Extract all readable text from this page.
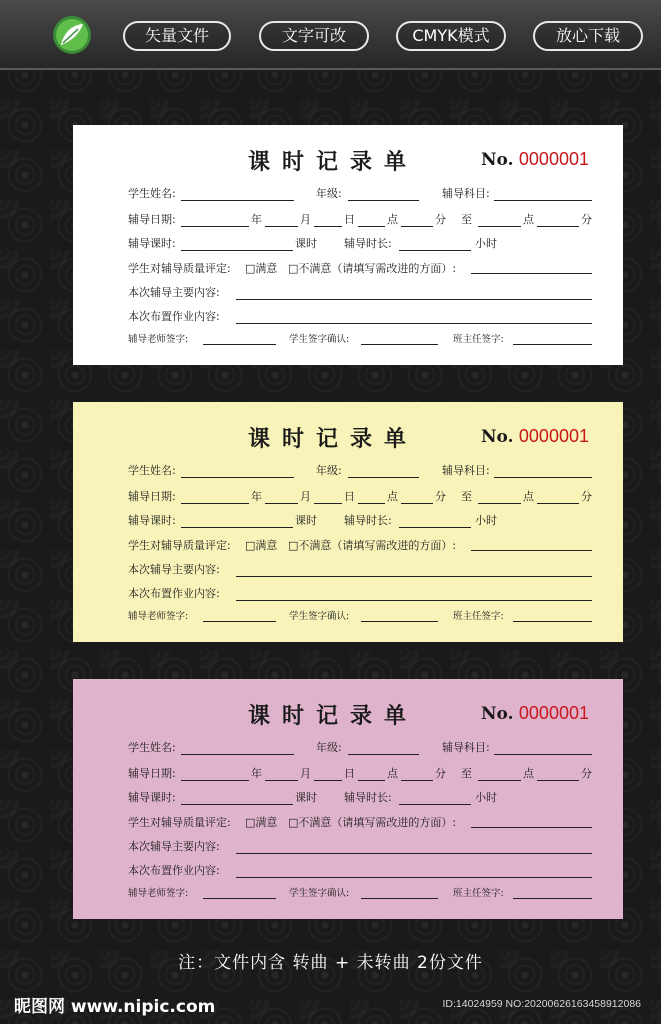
矢量文件	文字可改	CMYK模式	放心下载
课时记录单	No. 0000001
学生姓名:	年级:	辅导科目:
辅导日期:	年	月	日	点	分 至	点	分
辅导课时:	课时 辅导时长:	小时
学生对辅导质量评定: □满意 □不满意（请填写需改进的方面）:
本次辅导主要内容:
本次布置作业内容:
辅导老师签字:	学生签字确认:	班主任签字:
课时记录单	No. 0000001
学生姓名:	年级:	辅导科目:
辅导日期:	年	月	日	点	分 至	点	分
辅导课时:	课时 辅导时长:	小时
学生对辅导质量评定: □满意 □不满意（请填写需改进的方面）:
本次辅导主要内容:
本次布置作业内容:
辅导老师签字:	学生签字确认:	班主任签字:
课时记录单	No. 0000001
学生姓名:	年级:	辅导科目:
辅导日期:	年	月	日	点	分 至	点	分
辅导课时:	课时 辅导时长:	小时
学生对辅导质量评定: □满意 □不满意（请填写需改进的方面）:
本次辅导主要内容:
本次布置作业内容:
辅导老师签字:	学生签字确认:	班主任签字:
注：文件内含 转曲 + 未转曲 2份文件
昵图网 www.nipic.com	ID:14024959 NO:20200626163458912086
